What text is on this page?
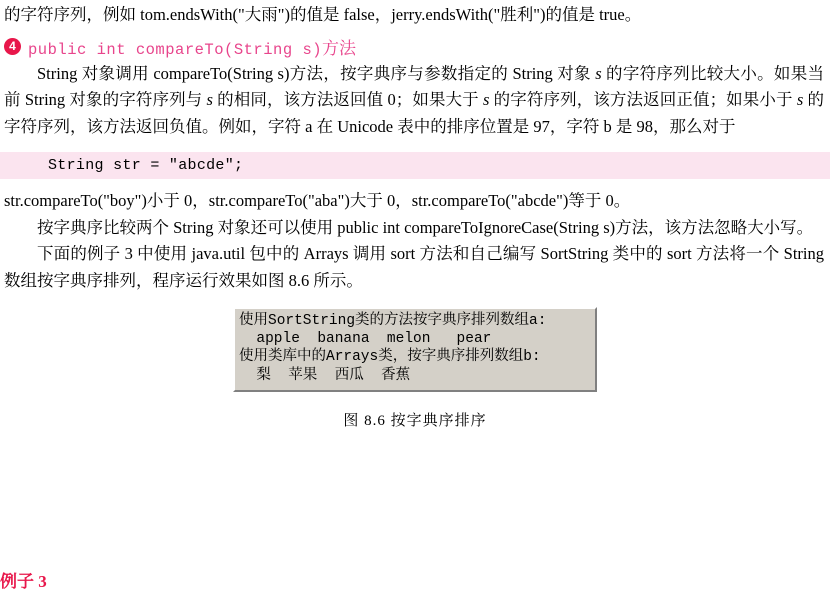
的字符序列，例如 tom.endsWith("大雨")的值是 false，jerry.endsWith("胜利")的值是 true。

4 public int compareTo(String s)方法

String 对象调用 compareTo(String s)方法，按字典序与参数指定的 String 对象 s 的字符序列比较大小。如果当前 String 对象的字符序列与 s 的相同，该方法返回值 0；如果大于 s 的字符序列，该方法返回正值；如果小于 s 的字符序列，该方法返回负值。例如，字符 a 在 Unicode 表中的排序位置是 97，字符 b 是 98，那么对于

String str = "abcde";

str.compareTo("boy")小于 0，str.compareTo("aba")大于 0，str.compareTo("abcde")等于 0。

按字典序比较两个 String 对象还可以使用 public int compareToIgnoreCase(String s)方法，该方法忽略大小写。

下面的例子 3 中使用 java.util 包中的 Arrays 调用 sort 方法和自己编写 SortString 类中的 sort 方法将一个 String 数组按字典序排列，程序运行效果如图 8.6 所示。

使用SortString类的方法按字典序排列数组a:
apple  banana  melon   pear
使用类库中的Arrays类，按字典序排列数组b:
梨  苹果  西瓜  香蕉
图 8.6 按字典序排序
例子 3
